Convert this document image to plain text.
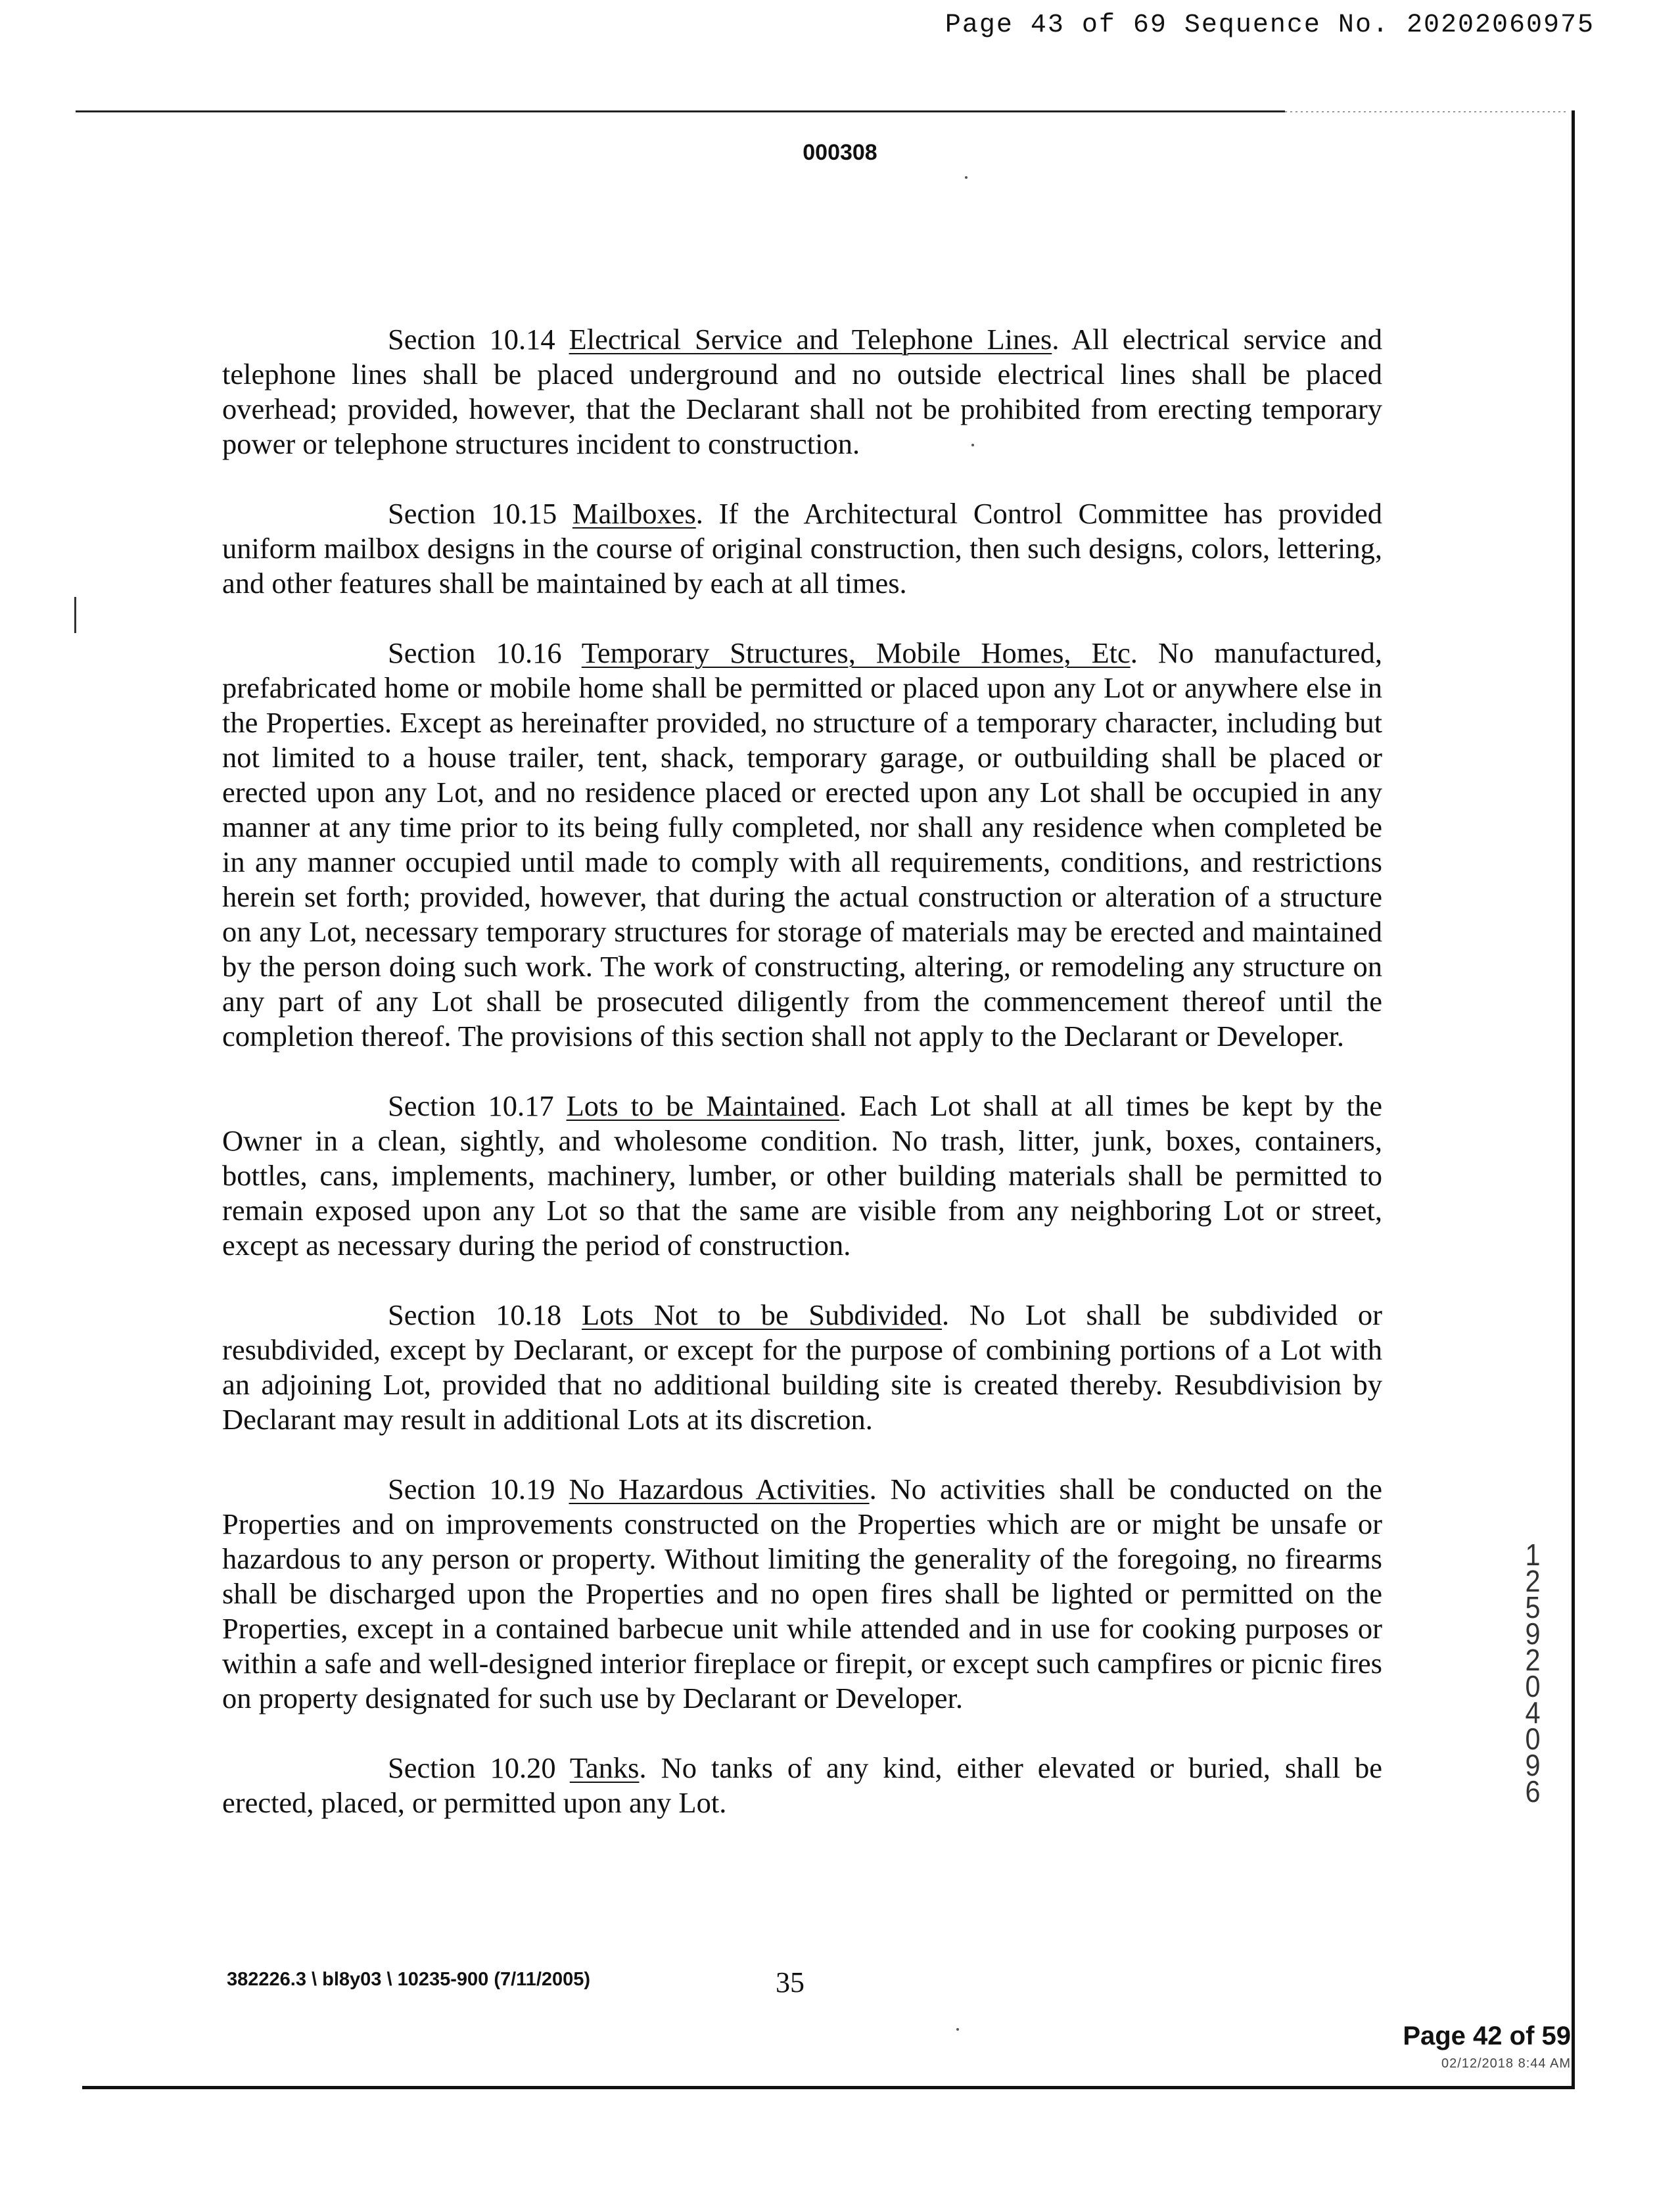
Page 43 of 69 Sequence No. 20202060975
000308

Section 10.14 Electrical Service and Telephone Lines. All electrical service and telephone lines shall be placed underground and no outside electrical lines shall be placed overhead; provided, however, that the Declarant shall not be prohibited from erecting temporary power or telephone structures incident to construction.

Section 10.15 Mailboxes. If the Architectural Control Committee has provided uniform mailbox designs in the course of original construction, then such designs, colors, lettering, and other features shall be maintained by each at all times.

Section 10.16 Temporary Structures, Mobile Homes, Etc. No manufactured, prefabricated home or mobile home shall be permitted or placed upon any Lot or anywhere else in the Properties. Except as hereinafter provided, no structure of a temporary character, including but not limited to a house trailer, tent, shack, temporary garage, or outbuilding shall be placed or erected upon any Lot, and no residence placed or erected upon any Lot shall be occupied in any manner at any time prior to its being fully completed, nor shall any residence when completed be in any manner occupied until made to comply with all requirements, conditions, and restrictions herein set forth; provided, however, that during the actual construction or alteration of a structure on any Lot, necessary temporary structures for storage of materials may be erected and maintained by the person doing such work. The work of constructing, altering, or remodeling any structure on any part of any Lot shall be prosecuted diligently from the commencement thereof until the completion thereof. The provisions of this section shall not apply to the Declarant or Developer.

Section 10.17 Lots to be Maintained. Each Lot shall at all times be kept by the Owner in a clean, sightly, and wholesome condition. No trash, litter, junk, boxes, containers, bottles, cans, implements, machinery, lumber, or other building materials shall be permitted to remain exposed upon any Lot so that the same are visible from any neighboring Lot or street, except as necessary during the period of construction.

Section 10.18 Lots Not to be Subdivided. No Lot shall be subdivided or resubdivided, except by Declarant, or except for the purpose of combining portions of a Lot with an adjoining Lot, provided that no additional building site is created thereby. Resubdivision by Declarant may result in additional Lots at its discretion.

Section 10.19 No Hazardous Activities. No activities shall be conducted on the Properties and on improvements constructed on the Properties which are or might be unsafe or hazardous to any person or property. Without limiting the generality of the foregoing, no firearms shall be discharged upon the Properties and no open fires shall be lighted or permitted on the Properties, except in a contained barbecue unit while attended and in use for cooking purposes or within a safe and well-designed interior fireplace or firepit, or except such campfires or picnic fires on property designated for such use by Declarant or Developer.

Section 10.20 Tanks. No tanks of any kind, either elevated or buried, shall be erected, placed, or permitted upon any Lot.

12592 04096
382226.3 \ bl8y03 \ 10235-900 (7/11/2005)	35
Page 42 of 59
02/12/2018 8:44 AM
